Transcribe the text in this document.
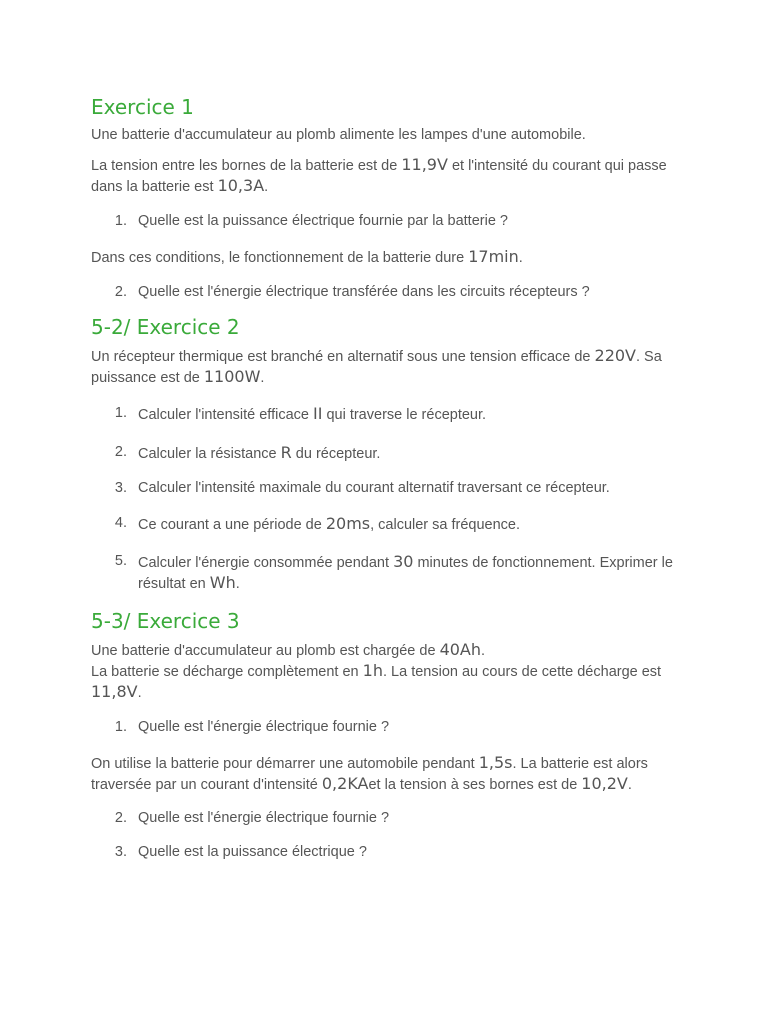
Exercice 1

Une batterie d'accumulateur au plomb alimente les lampes d'une automobile.

La tension entre les bornes de la batterie est de 11,9V et l'intensité du courant qui passe dans la batterie est 10,3A.

1. Quelle est la puissance électrique fournie par la batterie ?

Dans ces conditions, le fonctionnement de la batterie dure 17min.

2. Quelle est l'énergie électrique transférée dans les circuits récepteurs ?
5-2/ Exercice 2

Un récepteur thermique est branché en alternatif sous une tension efficace de 220V. Sa puissance est de 1100W.

1. Calculer l'intensité efficace II qui traverse le récepteur.
2. Calculer la résistance R du récepteur.
3. Calculer l'intensité maximale du courant alternatif traversant ce récepteur.
4. Ce courant a une période de 20ms, calculer sa fréquence.
5. Calculer l'énergie consommée pendant 30 minutes de fonctionnement. Exprimer le résultat en Wh.
5-3/ Exercice 3

Une batterie d'accumulateur au plomb est chargée de 40Ah.
La batterie se décharge complètement en 1h. La tension au cours de cette décharge est 11,8V.

1. Quelle est l'énergie électrique fournie ?

On utilise la batterie pour démarrer une automobile pendant 1,5s. La batterie est alors traversée par un courant d'intensité 0,2KAet la tension à ses bornes est de 10,2V.

2. Quelle est l'énergie électrique fournie ?
3. Quelle est la puissance électrique ?
